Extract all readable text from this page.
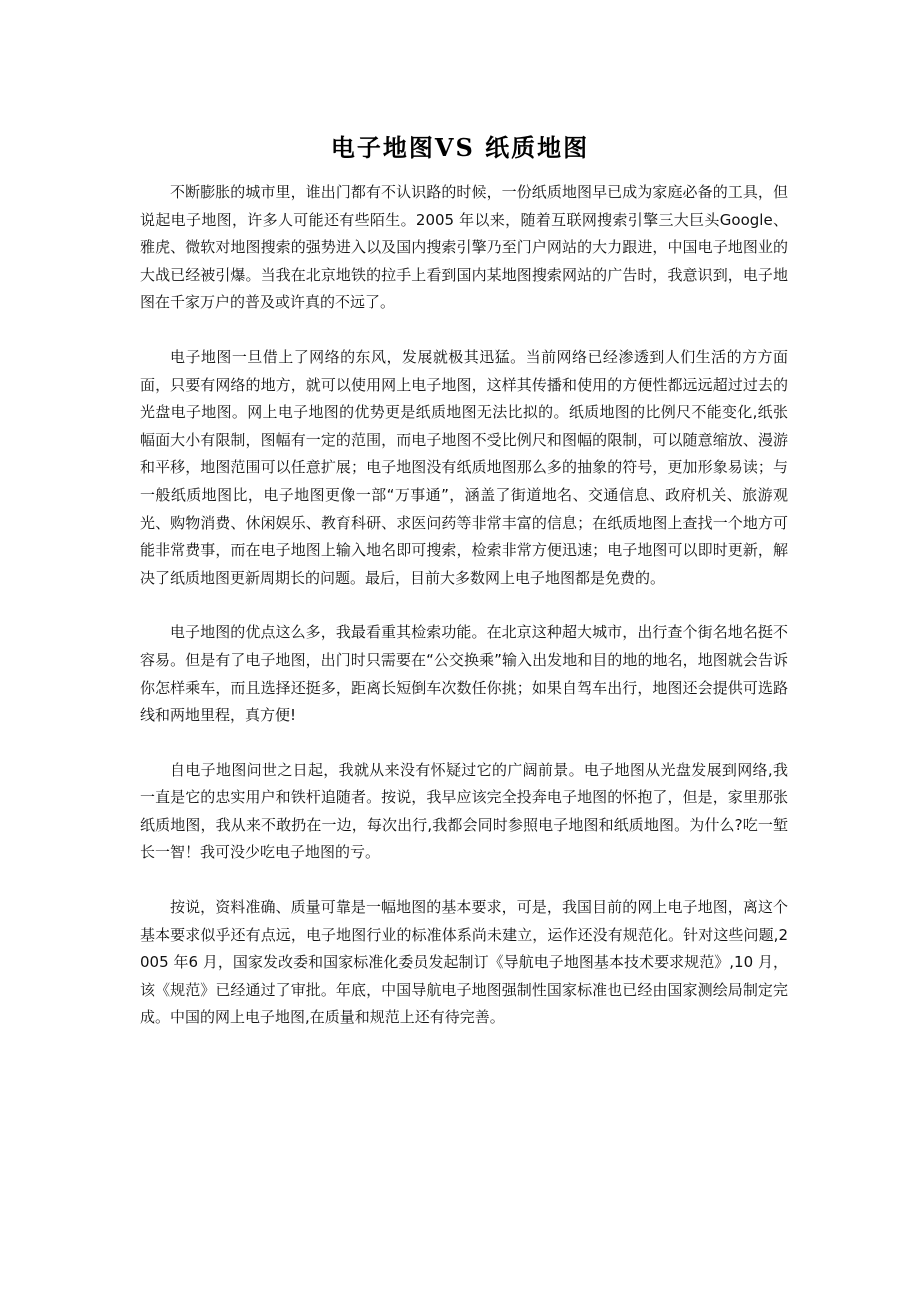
电子地图VS 纸质地图

不断膨胀的城市里，谁出门都有不认识路的时候，一份纸质地图早已成为家庭必备的工具，但说起电子地图，许多人可能还有些陌生。2005 年以来，随着互联网搜索引擎三大巨头Google、雅虎、微软对地图搜索的强势进入以及国内搜索引擎乃至门户网站的大力跟进，中国电子地图业的大战已经被引爆。当我在北京地铁的拉手上看到国内某地图搜索网站的广告时，我意识到，电子地图在千家万户的普及或许真的不远了。

电子地图一旦借上了网络的东风，发展就极其迅猛。当前网络已经渗透到人们生活的方方面面，只要有网络的地方，就可以使用网上电子地图，这样其传播和使用的方便性都远远超过过去的光盘电子地图。网上电子地图的优势更是纸质地图无法比拟的。纸质地图的比例尺不能变化,纸张幅面大小有限制，图幅有一定的范围，而电子地图不受比例尺和图幅的限制，可以随意缩放、漫游和平移，地图范围可以任意扩展；电子地图没有纸质地图那么多的抽象的符号，更加形象易读；与一般纸质地图比，电子地图更像一部“万事通”，涵盖了街道地名、交通信息、政府机关、旅游观光、购物消费、休闲娱乐、教育科研、求医问药等非常丰富的信息；在纸质地图上查找一个地方可能非常费事，而在电子地图上输入地名即可搜索，检索非常方便迅速；电子地图可以即时更新，解决了纸质地图更新周期长的问题。最后，目前大多数网上电子地图都是免费的。

电子地图的优点这么多，我最看重其检索功能。在北京这种超大城市，出行查个街名地名挺不容易。但是有了电子地图，出门时只需要在“公交换乘”输入出发地和目的地的地名，地图就会告诉你怎样乘车，而且选择还挺多，距离长短倒车次数任你挑；如果自驾车出行，地图还会提供可选路线和两地里程，真方便!

自电子地图问世之日起，我就从来没有怀疑过它的广阔前景。电子地图从光盘发展到网络,我一直是它的忠实用户和铁杆追随者。按说，我早应该完全投奔电子地图的怀抱了，但是，家里那张纸质地图，我从来不敢扔在一边，每次出行,我都会同时参照电子地图和纸质地图。为什么?吃一堑长一智！我可没少吃电子地图的亏。

按说，资料准确、质量可靠是一幅地图的基本要求，可是，我国目前的网上电子地图，离这个基本要求似乎还有点远，电子地图行业的标准体系尚未建立，运作还没有规范化。针对这些问题,2005 年6 月，国家发改委和国家标准化委员发起制订《导航电子地图基本技术要求规范》,10 月，该《规范》已经通过了审批。年底，中国导航电子地图强制性国家标准也已经由国家测绘局制定完成。中国的网上电子地图,在质量和规范上还有待完善。
